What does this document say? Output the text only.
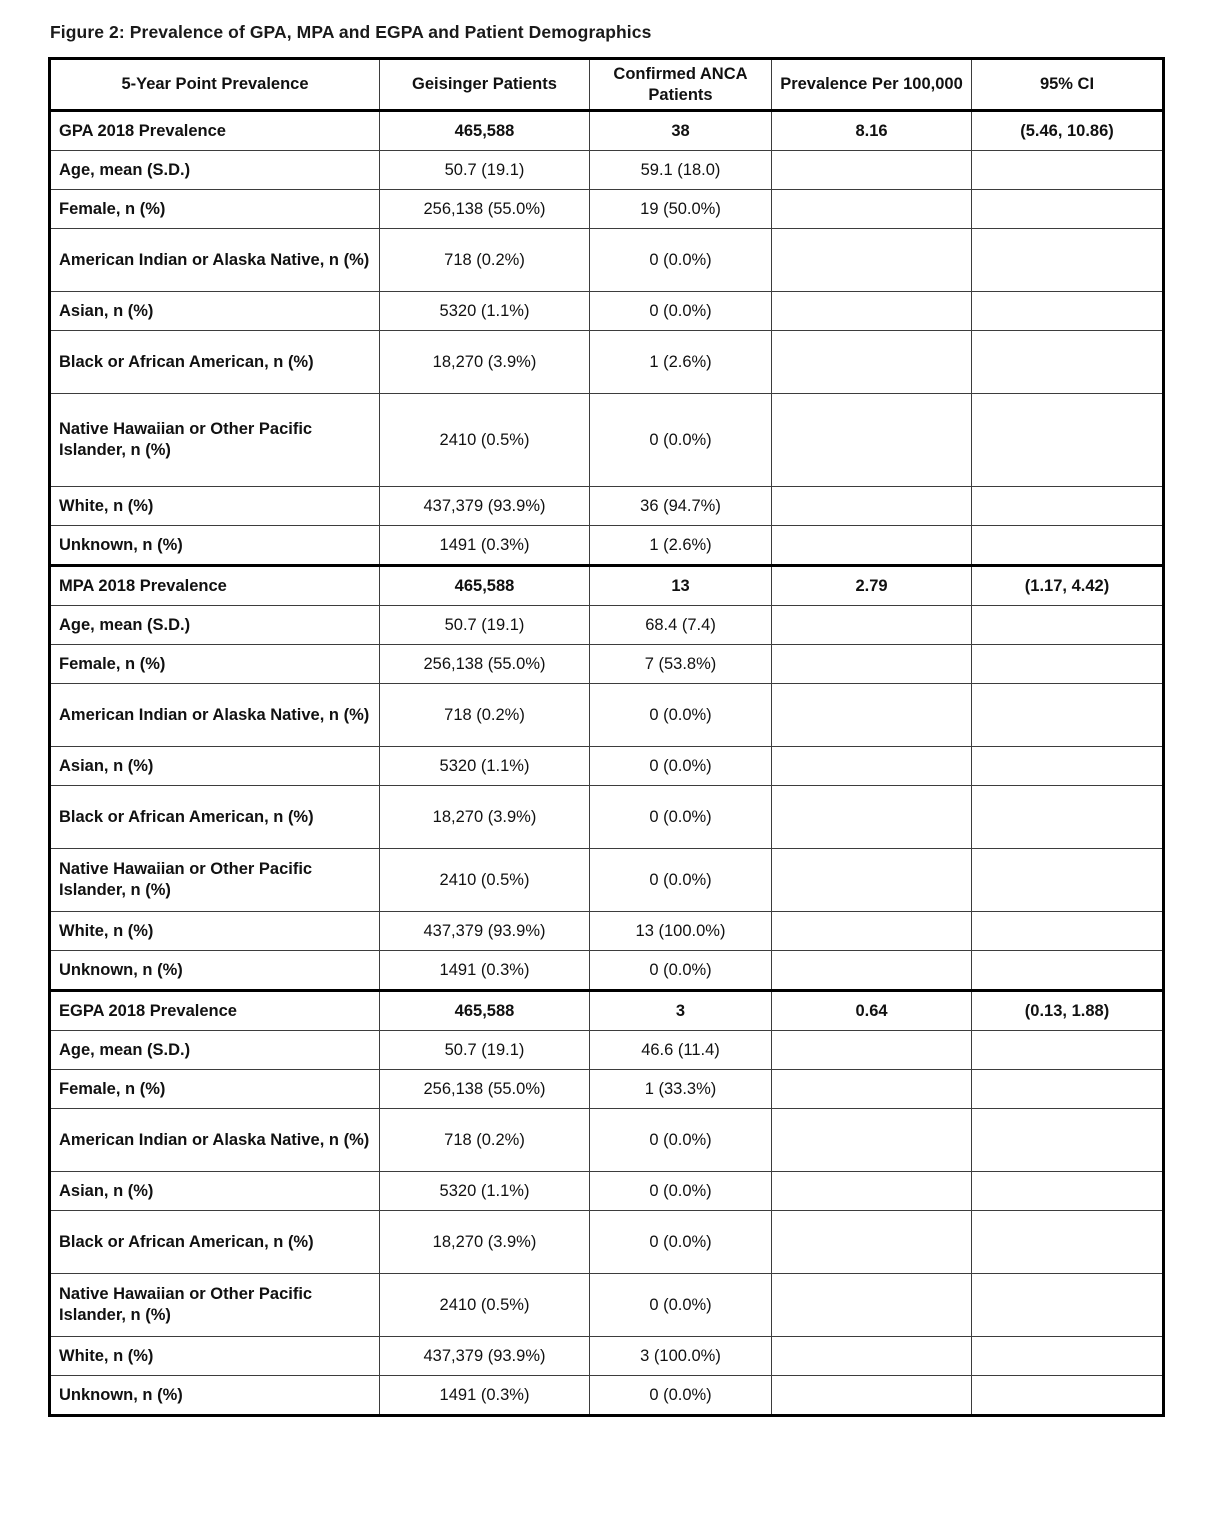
Figure 2: Prevalence of GPA, MPA and EGPA and Patient Demographics
5-Year Point Prevalence	Geisinger Patients	Confirmed ANCA Patients	Prevalence Per 100,000	95% CI
GPA 2018 Prevalence	465,588	38	8.16	(5.46, 10.86)
Age, mean (S.D.)	50.7 (19.1)	59.1 (18.0)		
Female, n (%)	256,138 (55.0%)	19 (50.0%)		
American Indian or Alaska Native, n (%)	718 (0.2%)	0 (0.0%)		
Asian, n (%)	5320 (1.1%)	0 (0.0%)		
Black or African American, n (%)	18,270 (3.9%)	1 (2.6%)		
Native Hawaiian or Other Pacific Islander, n (%)	2410 (0.5%)	0 (0.0%)		
White, n (%)	437,379 (93.9%)	36 (94.7%)		
Unknown, n (%)	1491 (0.3%)	1 (2.6%)		
MPA 2018 Prevalence	465,588	13	2.79	(1.17, 4.42)
Age, mean (S.D.)	50.7 (19.1)	68.4 (7.4)		
Female, n (%)	256,138 (55.0%)	7 (53.8%)		
American Indian or Alaska Native, n (%)	718 (0.2%)	0 (0.0%)		
Asian, n (%)	5320 (1.1%)	0 (0.0%)		
Black or African American, n (%)	18,270 (3.9%)	0 (0.0%)		
Native Hawaiian or Other Pacific Islander, n (%)	2410 (0.5%)	0 (0.0%)		
White, n (%)	437,379 (93.9%)	13 (100.0%)		
Unknown, n (%)	1491 (0.3%)	0 (0.0%)		
EGPA 2018 Prevalence	465,588	3	0.64	(0.13, 1.88)
Age, mean (S.D.)	50.7 (19.1)	46.6 (11.4)		
Female, n (%)	256,138 (55.0%)	1 (33.3%)		
American Indian or Alaska Native, n (%)	718 (0.2%)	0 (0.0%)		
Asian, n (%)	5320 (1.1%)	0 (0.0%)		
Black or African American, n (%)	18,270 (3.9%)	0 (0.0%)		
Native Hawaiian or Other Pacific Islander, n (%)	2410 (0.5%)	0 (0.0%)		
White, n (%)	437,379 (93.9%)	3 (100.0%)		
Unknown, n (%)	1491 (0.3%)	0 (0.0%)		
